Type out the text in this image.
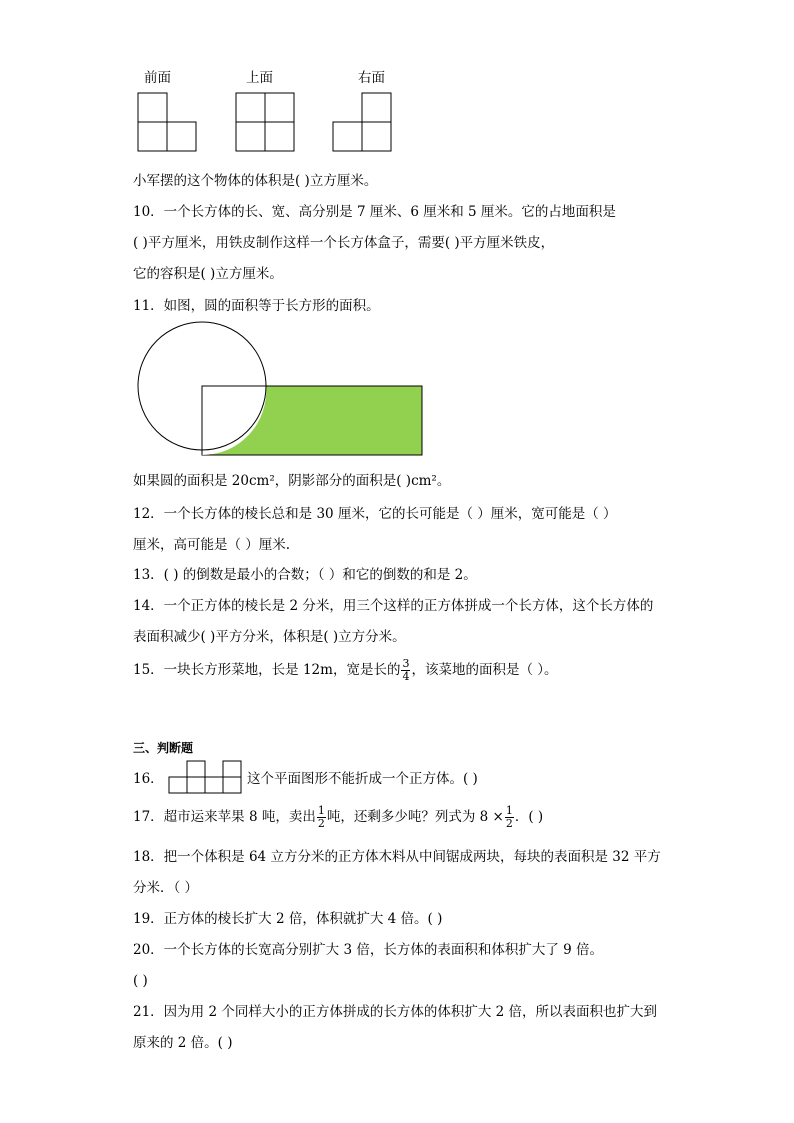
前面	上面	右面
小军摆的这个物体的体积是( )立方厘米。
10．一个长方体的长、宽、高分别是 7 厘米、6 厘米和 5 厘米。它的占地面积是
( )平方厘米，用铁皮制作这样一个长方体盒子，需要( )平方厘米铁皮，
它的容积是( )立方厘米。
11．如图，圆的面积等于长方形的面积。
如果圆的面积是 20cm²，阴影部分的面积是( )cm²。
12．一个长方体的棱长总和是 30 厘米，它的长可能是（ ）厘米，宽可能是（ ）
厘米，高可能是（ ）厘米.
13．( ) 的倒数是最小的合数；（ ）和它的倒数的和是 2。
14．一个正方体的棱长是 2 分米，用三个这样的正方体拼成一个长方体，这个长方体的
表面积减少( )平方分米，体积是( )立方分米。
15．一块长方形菜地，长是 12m，宽是长的 $\frac{3}{4}$ ，该菜地的面积是（ ）。
三、判断题
16．	这个平面图形不能折成一个正方体。( )
17．超市运来苹果 8 吨，卖出 $\frac{1}{2}$ 吨，还剩多少吨？列式为 $8 \times \frac{1}{2}$ ．( )
18．把一个体积是 64 立方分米的正方体木料从中间锯成两块，每块的表面积是 32 平方
分米．（ ）
19．正方体的棱长扩大 2 倍，体积就扩大 4 倍。( )
20．一个长方体的长宽高分别扩大 3 倍，长方体的表面积和体积扩大了 9 倍。
( )
21．因为用 2 个同样大小的正方体拼成的长方体的体积扩大 2 倍，所以表面积也扩大到
原来的 2 倍。( )
